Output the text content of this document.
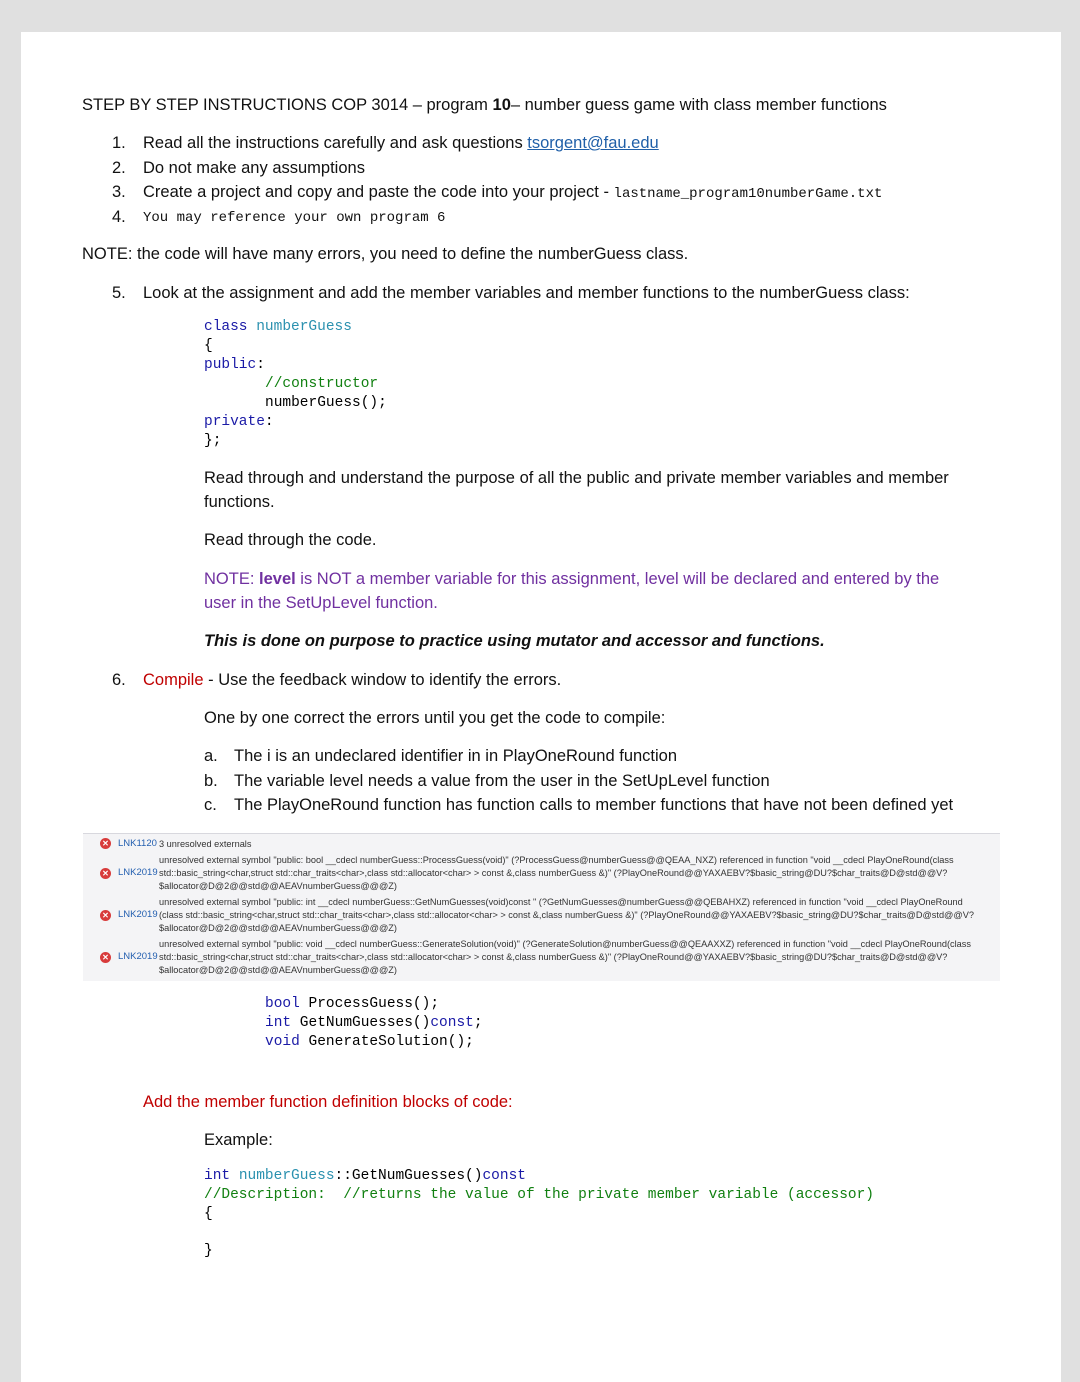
STEP BY STEP INSTRUCTIONS COP 3014 – program 10– number guess game with class member functions
1. Read all the instructions carefully and ask questions tsorgent@fau.edu
2. Do not make any assumptions
3. Create a project and copy and paste the code into your project - lastname_program10numberGame.txt
4. You may reference your own program 6
NOTE: the code will have many errors, you need to define the numberGuess class.
5. Look at the assignment and add the member variables and member functions to the numberGuess class:
class numberGuess
{
public:
//constructor
numberGuess();
private:
};
Read through and understand the purpose of all the public and private member variables and member
functions.
Read through the code.
NOTE: level is NOT a member variable for this assignment, level will be declared and entered by the
user in the SetUpLevel function.
This is done on purpose to practice using mutator and accessor and functions.
6. Compile - Use the feedback window to identify the errors.
One by one correct the errors until you get the code to compile:
a. The i is an undeclared identifier in in PlayOneRound function
b. The variable level needs a value from the user in the SetUpLevel function
c. The PlayOneRound function has function calls to member functions that have not been defined yet
✕ LNK1120 3 unresolved externals
unresolved external symbol "public: bool __cdecl numberGuess::ProcessGuess(void)" (?ProcessGuess@numberGuess@@QEAA_NXZ) referenced in function "void __cdecl PlayOneRound(class
✕ LNK2019 std::basic_string<char,struct std::char_traits<char>,class std::allocator<char> > const &,class numberGuess &)" (?PlayOneRound@@YAXAEBV?$basic_string@DU?$char_traits@D@std@@V?
$allocator@D@2@@std@@AEAVnumberGuess@@@Z)
unresolved external symbol "public: int __cdecl numberGuess::GetNumGuesses(void)const " (?GetNumGuesses@numberGuess@@QEBAHXZ) referenced in function "void __cdecl PlayOneRound
✕ LNK2019 (class std::basic_string<char,struct std::char_traits<char>,class std::allocator<char> > const &,class numberGuess &)" (?PlayOneRound@@YAXAEBV?$basic_string@DU?$char_traits@D@std@@V?
$allocator@D@2@@std@@AEAVnumberGuess@@@Z)
unresolved external symbol "public: void __cdecl numberGuess::GenerateSolution(void)" (?GenerateSolution@numberGuess@@QEAAXXZ) referenced in function "void __cdecl PlayOneRound(class
✕ LNK2019 std::basic_string<char,struct std::char_traits<char>,class std::allocator<char> > const &,class numberGuess &)" (?PlayOneRound@@YAXAEBV?$basic_string@DU?$char_traits@D@std@@V?
$allocator@D@2@@std@@AEAVnumberGuess@@@Z)
bool ProcessGuess();
int GetNumGuesses()const;
void GenerateSolution();
Add the member function definition blocks of code:
Example:
int numberGuess::GetNumGuesses()const
//Description:  //returns the value of the private member variable (accessor)
{
}
